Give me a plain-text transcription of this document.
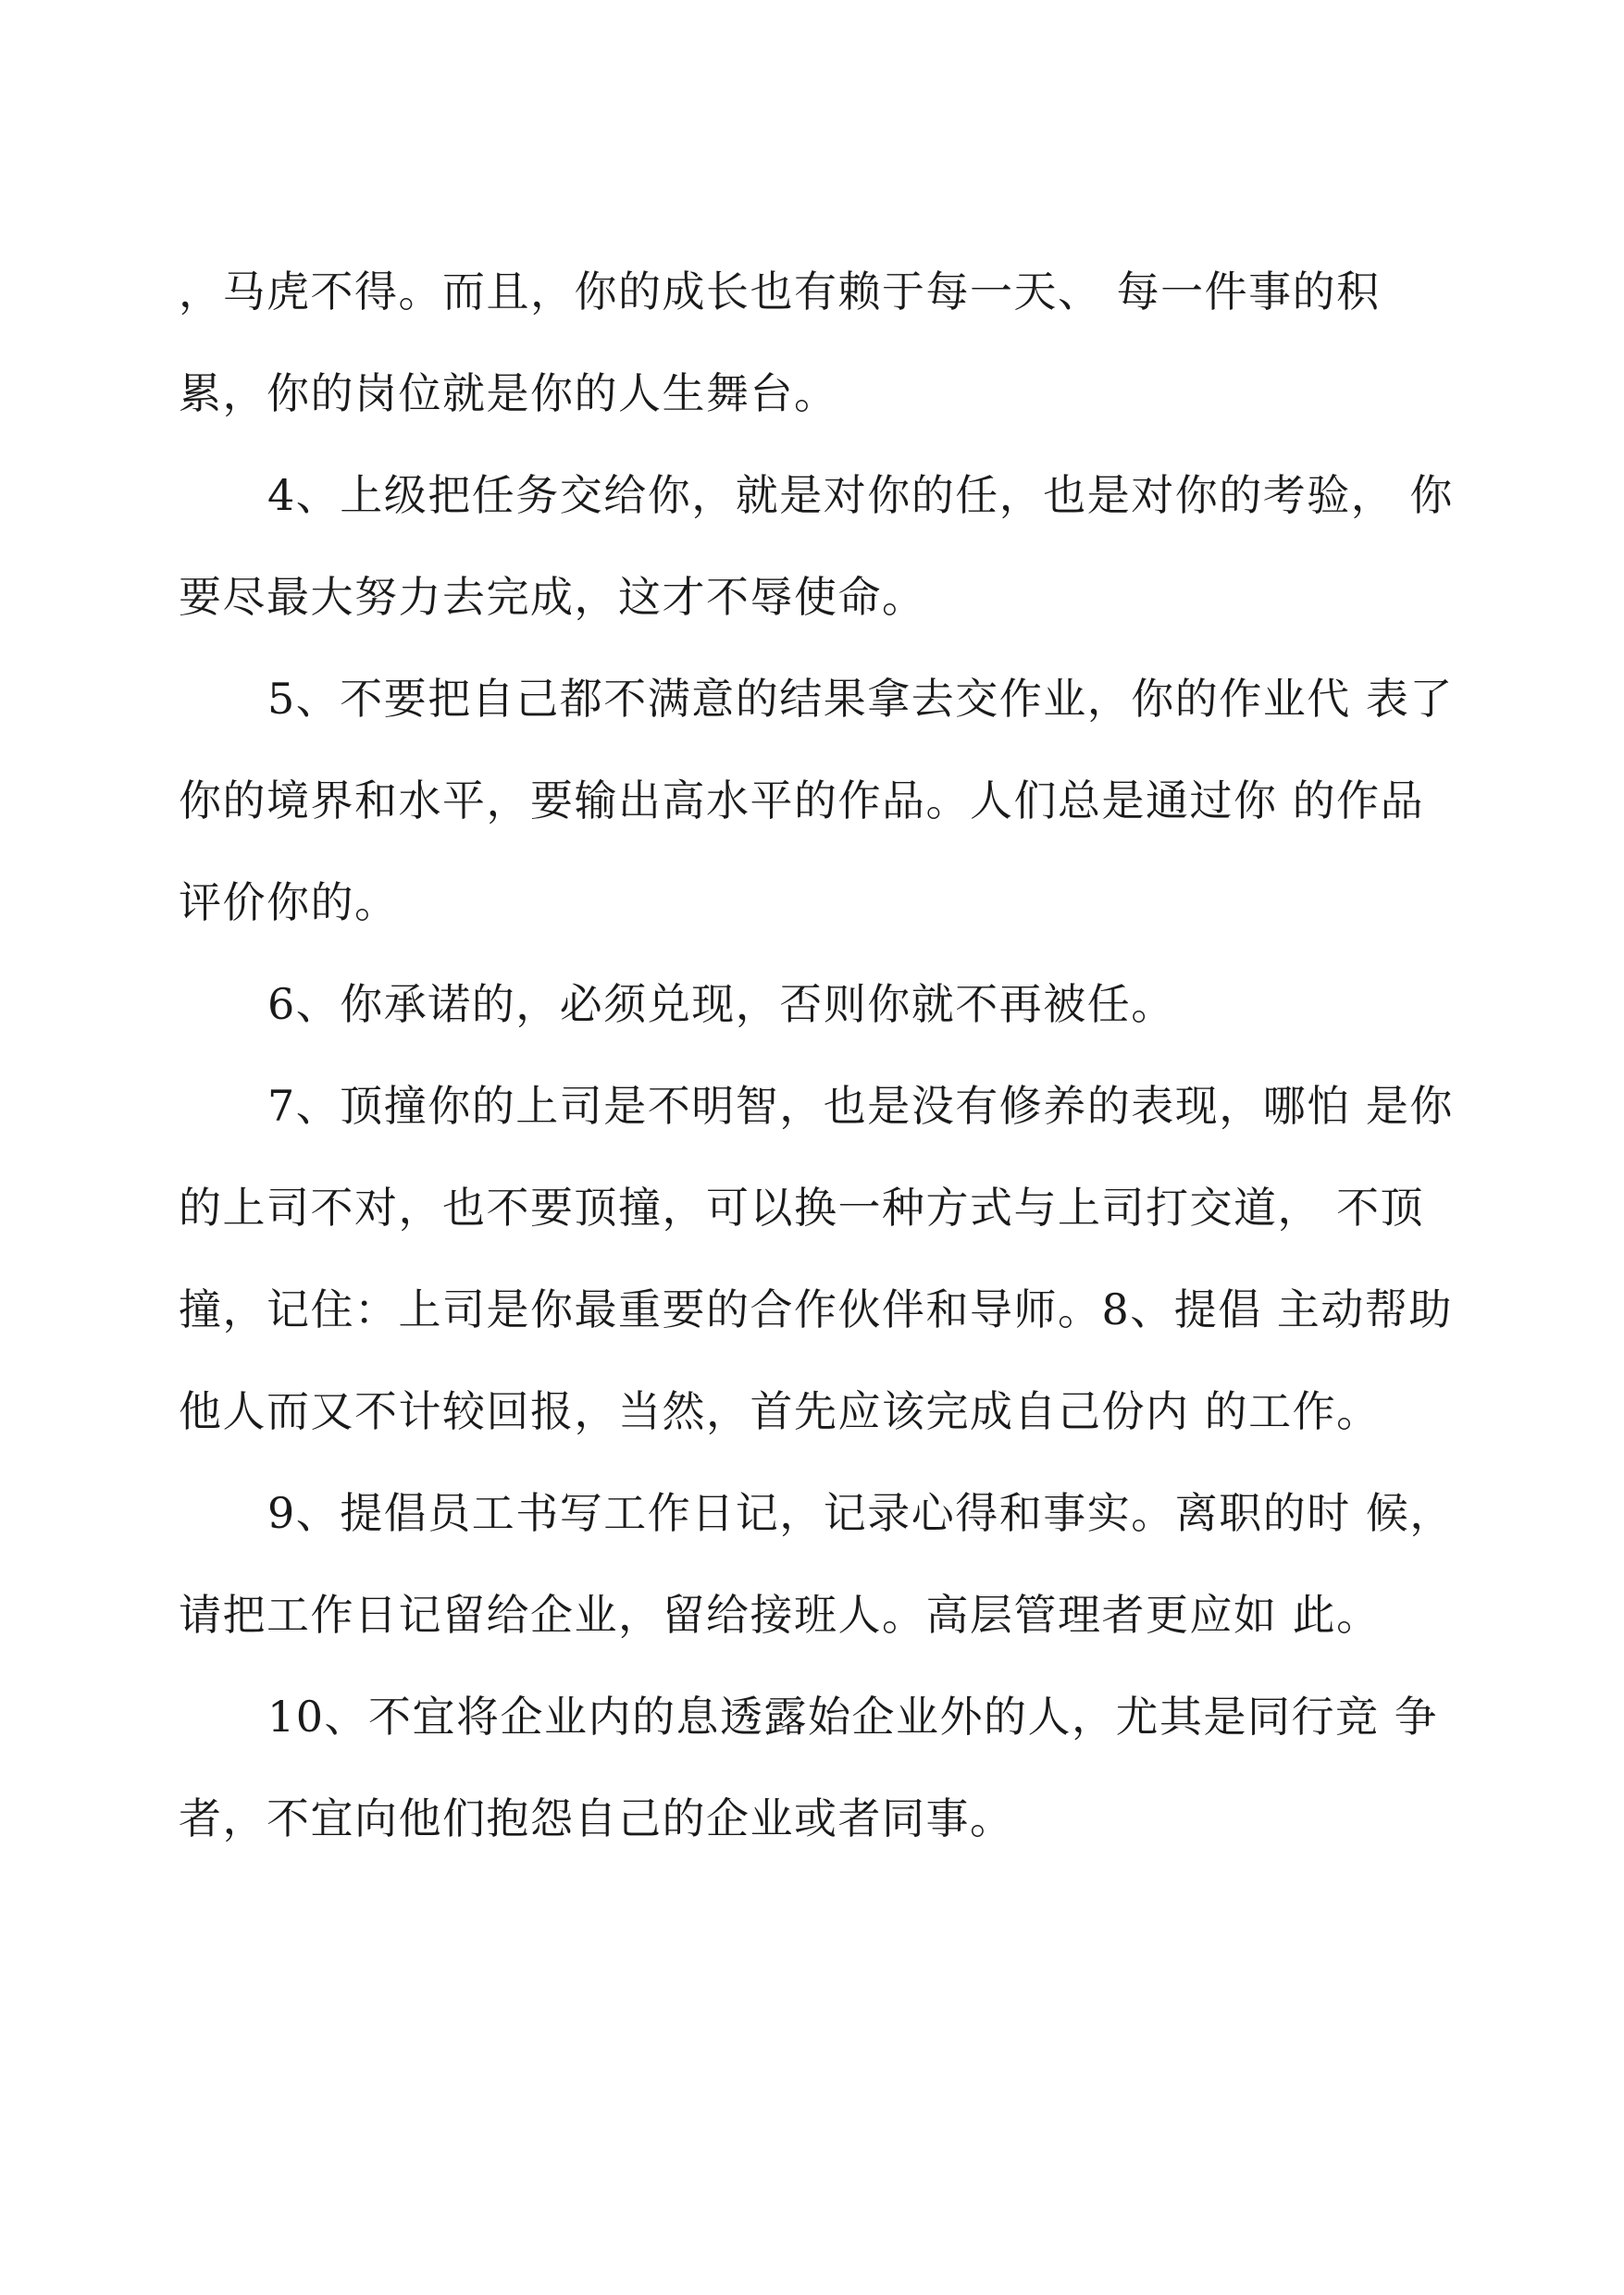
，马虎不得。而且，你的成长也有赖于每一天、 每一件事的积累，你的岗位就是你的人生舞台。

4、上级把任务交给你，就是对你的任，也是对你的考验， 你要尽最大努力去完成，这才不辱使命。

5、不要把自己都不满意的结果拿去交作业，你的作业代 表了你的境界和水平，要输出高水平的作品。人们总是通过你 的作品评价你的。

6、你承诺的，必须兑现，否则你就不再被任。

7、顶撞你的上司是不明智，也是没有修养的表现，哪怕 是你的上司不对，也不要顶撞，可以换一种方式与上司打交道， 不顶撞，记住：上司是你最重要的合作伙伴和导师。8、提倡 主动帮助他人而又不计较回报，当然，首先应该完成自己份内 的工作。

9、提倡员工书写工作日记，记录心得和事实。离职的时 候，请把工作日记留给企业，留给接班人。高层管理者更应如 此。

10、不宜将企业内的息透露始企业外的人，尤其是同行竞 争者，不宜向他们抱怨自己的企业或者同事。
